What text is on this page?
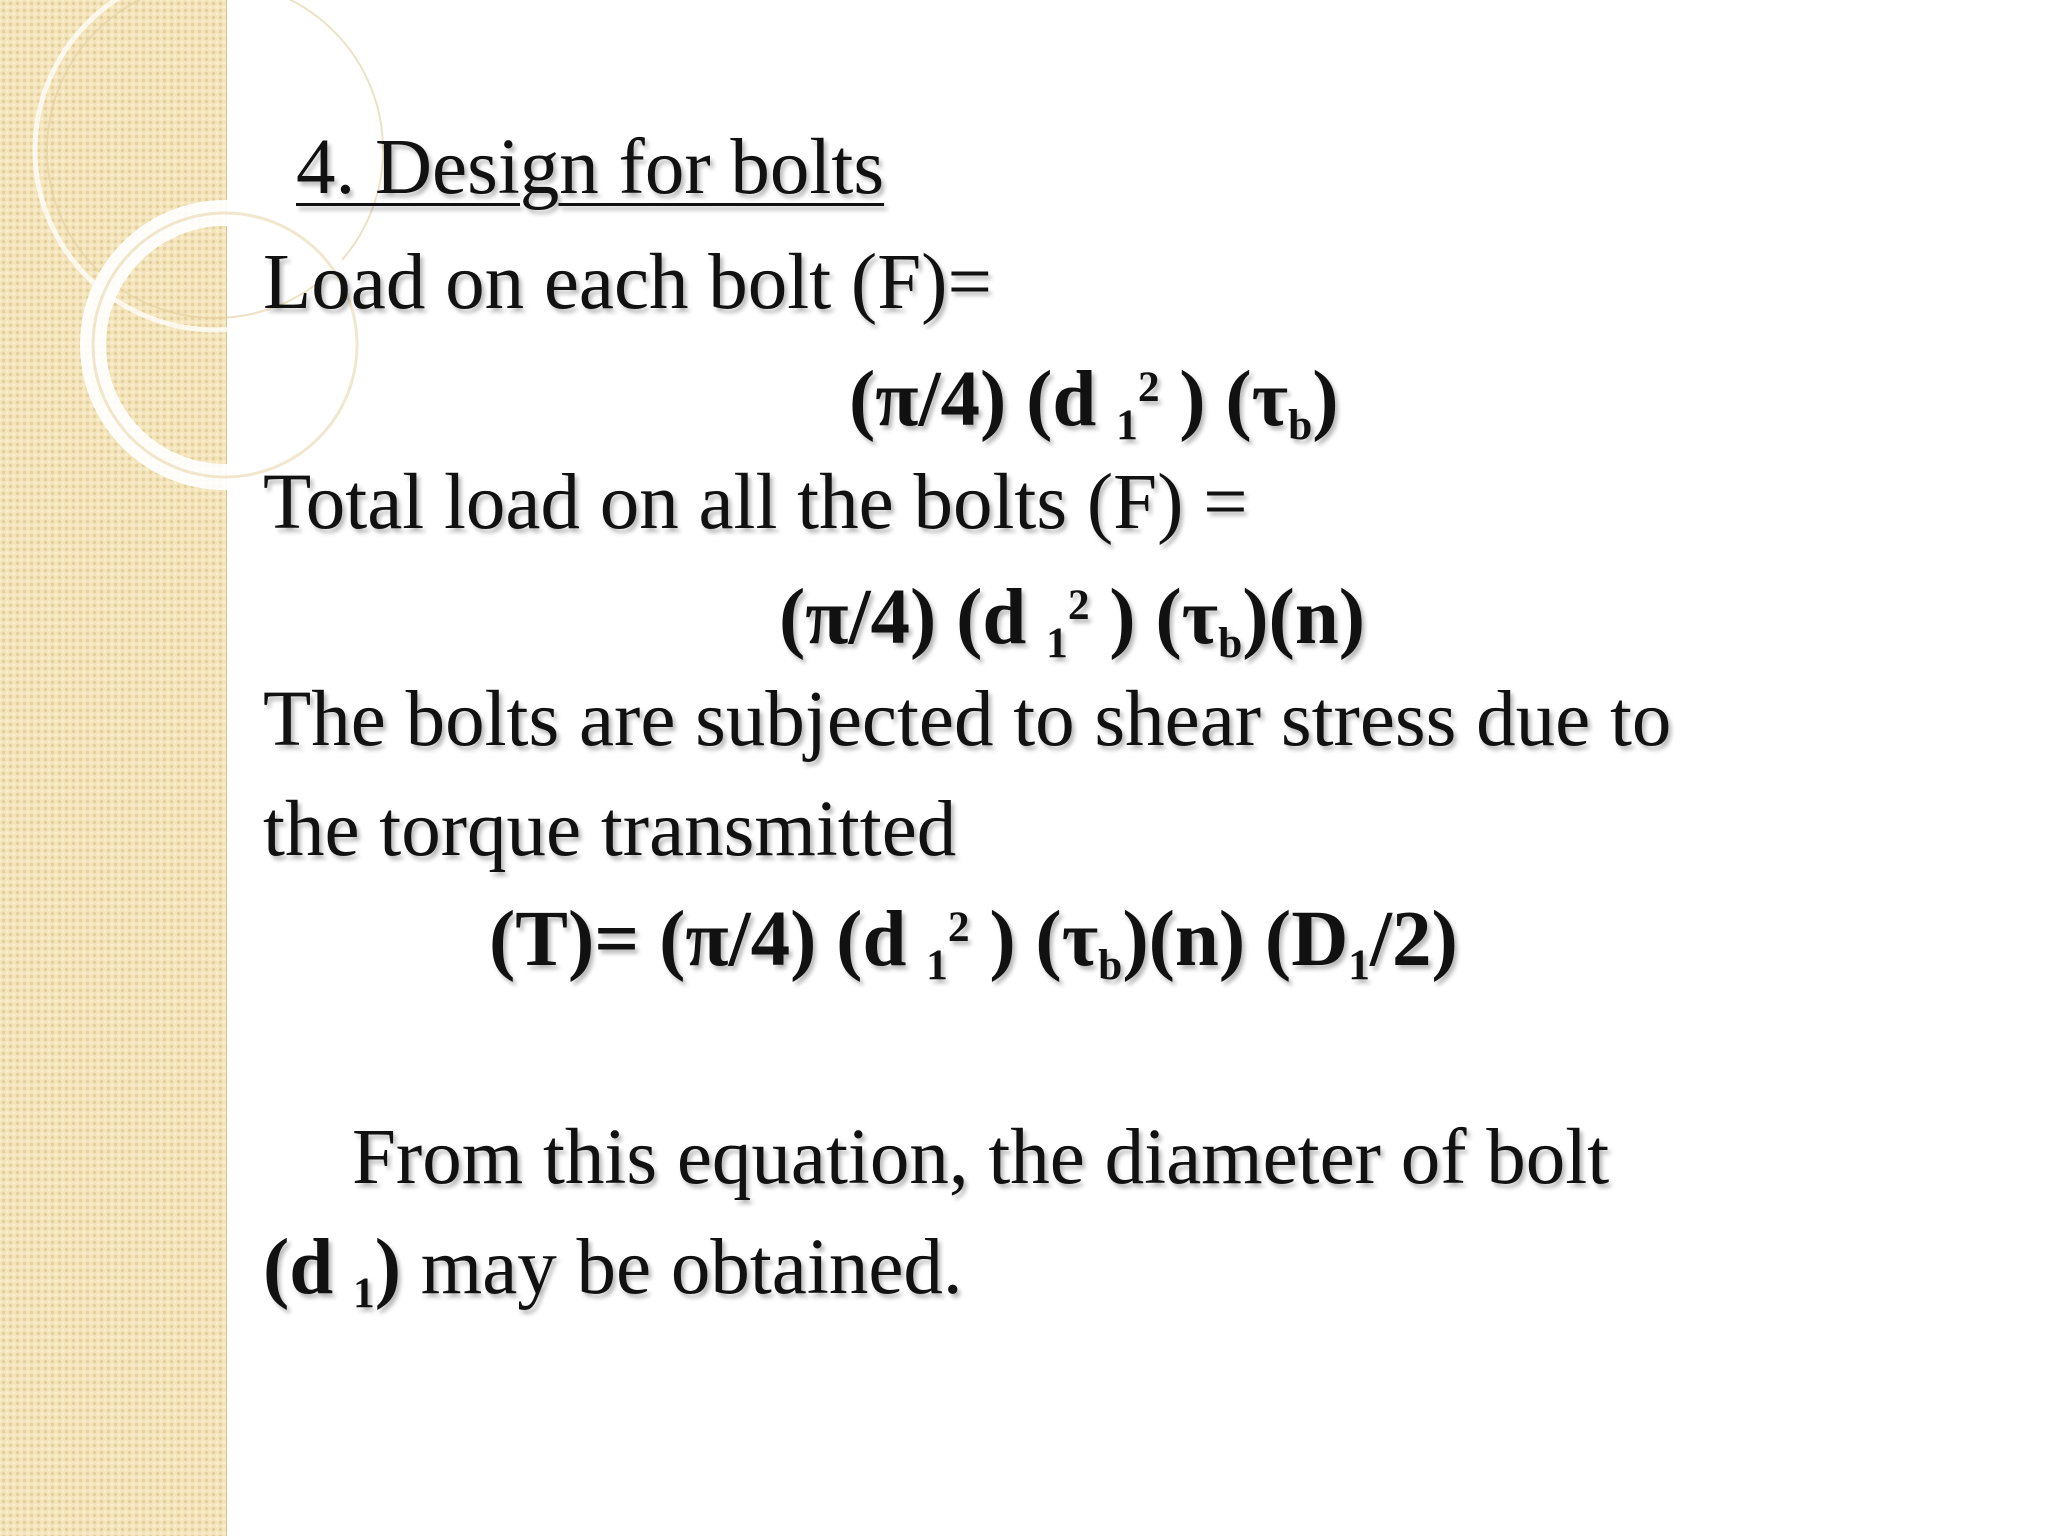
4. Design for bolts
Load on each bolt (F)=
(π/4) (d $_1^2$ ) $(\tau_b)$
Total load on all the bolts (F) =
(π/4) (d $_1^2$ ) $(\tau_b)(n)$
The bolts are subjected to shear stress due to
the torque transmitted
(T)= (π/4) (d $_1^2$ ) $(\tau_b)(n)$ $(D_1/2)$
From this equation, the diameter of bolt
(d $_1$) may be obtained.
